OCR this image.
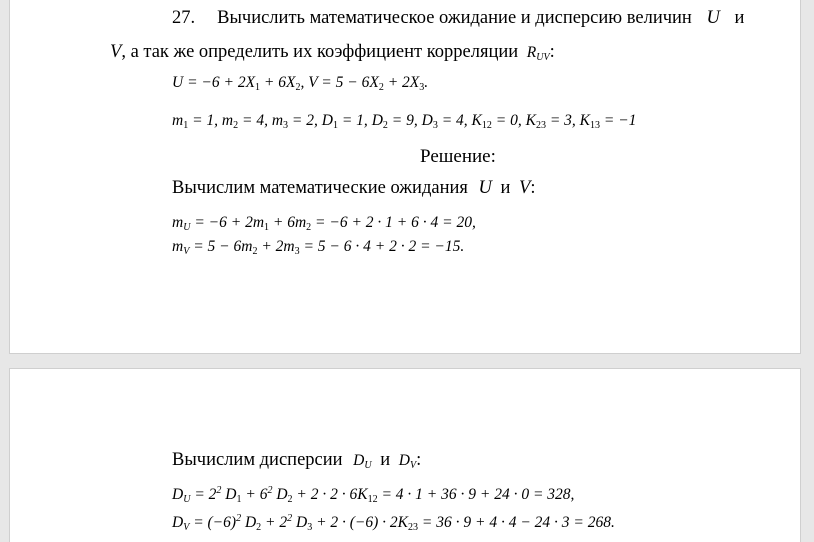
27. Вычислить математическое ожидание и дисперсию величин U и
V, а так же определить их коэффициент корреляции $R_{UV}$:
$U = -6 + 2X_1 + 6X_2$, $V = 5 - 6X_2 + 2X_3$.
$m_1 = 1$, $m_2 = 4$, $m_3 = 2$, $D_1 = 1$, $D_2 = 9$, $D_3 = 4$, $K_{12} = 0$, $K_{23} = 3$, $K_{13} = -1$
Решение:
Вычислим математические ожидания U и V:
$m_U = -6 + 2m_1 + 6m_2 = -6 + 2 \cdot 1 + 6 \cdot 4 = 20$,
$m_V = 5 - 6m_2 + 2m_3 = 5 - 6 \cdot 4 + 2 \cdot 2 = -15$.
Вычислим дисперсии $D_U$ и $D_V$:
$D_U = 2^2$ $D_1 + 6^2$ $D_2 + 2 \cdot 2 \cdot 6K_{12} = 4 \cdot 1 + 36 \cdot 9 + 24 \cdot 0 = 328$,
$D_V = (-6)^2$ $D_2 + 2^2$ $D_3 + 2 \cdot (-6) \cdot 2K_{23} = 36 \cdot 9 + 4 \cdot 4 - 24 \cdot 3 = 268$.
